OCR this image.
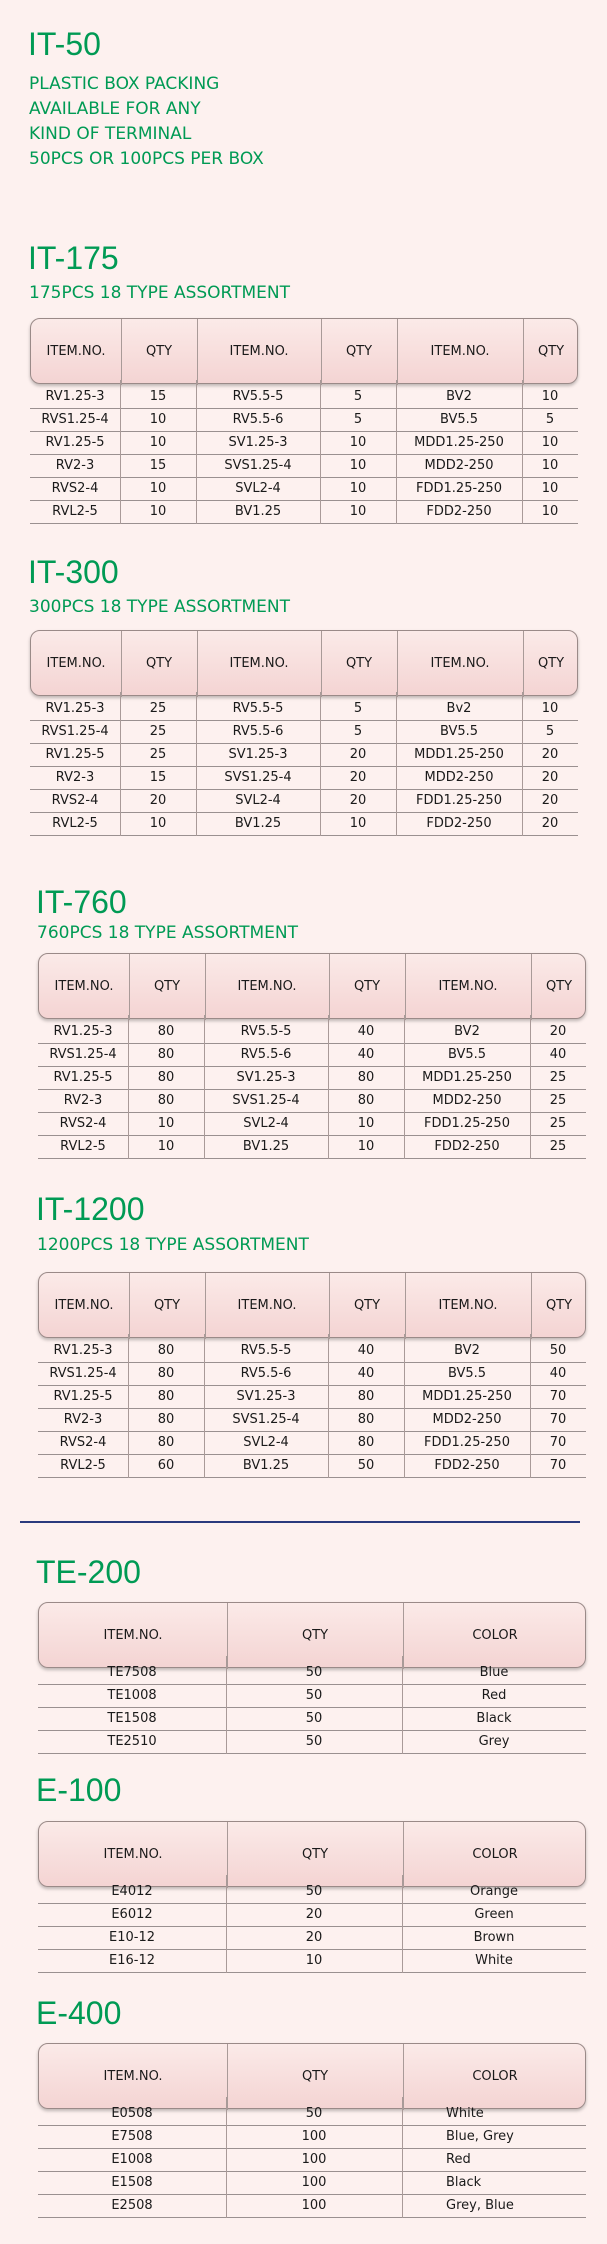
IT-50

PLASTIC BOX PACKING

AVAILABLE FOR ANY

KIND OF TERMINAL

50PCS OR 100PCS PER BOX

IT-175

175PCS 18 TYPE ASSORTMENT

ITEM.NO.	QTY	ITEM.NO.	QTY	ITEM.NO.	QTY
RV1.25-3	15	RV5.5-5	5	BV2	10
RVS1.25-4	10	RV5.5-6	5	BV5.5	5
RV1.25-5	10	SV1.25-3	10	MDD1.25-250	10
RV2-3	15	SVS1.25-4	10	MDD2-250	10
RVS2-4	10	SVL2-4	10	FDD1.25-250	10
RVL2-5	10	BV1.25	10	FDD2-250	10
IT-300

300PCS 18 TYPE ASSORTMENT

ITEM.NO.	QTY	ITEM.NO.	QTY	ITEM.NO.	QTY
RV1.25-3	25	RV5.5-5	5	Bv2	10
RVS1.25-4	25	RV5.5-6	5	BV5.5	5
RV1.25-5	25	SV1.25-3	20	MDD1.25-250	20
RV2-3	15	SVS1.25-4	20	MDD2-250	20
RVS2-4	20	SVL2-4	20	FDD1.25-250	20
RVL2-5	10	BV1.25	10	FDD2-250	20
IT-760

760PCS 18 TYPE ASSORTMENT

ITEM.NO.	QTY	ITEM.NO.	QTY	ITEM.NO.	QTY
RV1.25-3	80	RV5.5-5	40	BV2	20
RVS1.25-4	80	RV5.5-6	40	BV5.5	40
RV1.25-5	80	SV1.25-3	80	MDD1.25-250	25
RV2-3	80	SVS1.25-4	80	MDD2-250	25
RVS2-4	10	SVL2-4	10	FDD1.25-250	25
RVL2-5	10	BV1.25	10	FDD2-250	25
IT-1200

1200PCS 18 TYPE ASSORTMENT

ITEM.NO.	QTY	ITEM.NO.	QTY	ITEM.NO.	QTY
RV1.25-3	80	RV5.5-5	40	BV2	50
RVS1.25-4	80	RV5.5-6	40	BV5.5	40
RV1.25-5	80	SV1.25-3	80	MDD1.25-250	70
RV2-3	80	SVS1.25-4	80	MDD2-250	70
RVS2-4	80	SVL2-4	80	FDD1.25-250	70
RVL2-5	60	BV1.25	50	FDD2-250	70
TE-200
ITEM.NO.	QTY	COLOR
TE7508	50	Blue
TE1008	50	Red
TE1508	50	Black
TE2510	50	Grey
E-100
ITEM.NO.	QTY	COLOR
E4012	50	Orange
E6012	20	Green
E10-12	20	Brown
E16-12	10	White
E-400
ITEM.NO.	QTY	COLOR
E0508	50	White
E7508	100	Blue, Grey
E1008	100	Red
E1508	100	Black
E2508	100	Grey, Blue
